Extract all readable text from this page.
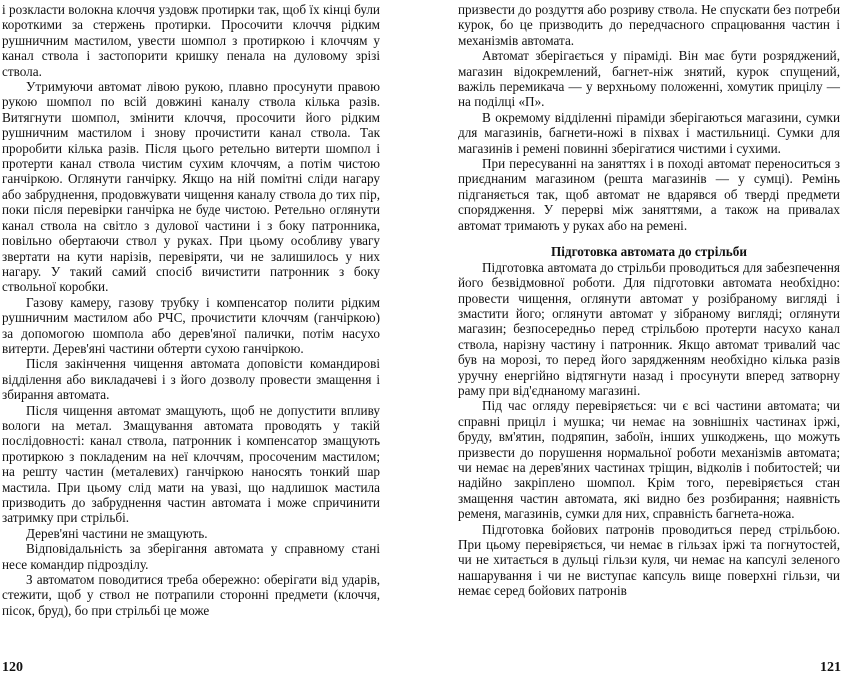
і розкласти волокна клоччя уздовж протирки так, щоб їх кінці були короткими за стержень протирки. Просочити клоччя рідким рушничним мастилом, увести шомпол з протиркою і клоччям у канал ствола і застопорити кришку пенала на дуловому зрізі ствола.

Утримуючи автомат лівою рукою, плавно просунути правою рукою шомпол по всій довжині каналу ствола кілька разів. Витягнути шомпол, змінити клоччя, просочити його рідким рушничним мастилом і знову прочистити канал ствола. Так проробити кілька разів. Після цього ретельно витерти шомпол і протерти канал ствола чистим сухим клоччям, а потім чистою ганчіркою. Оглянути ганчірку. Якщо на ній помітні сліди нагару або забруднення, продовжувати чищення каналу ствола до тих пір, поки після перевірки ганчірка не буде чистою. Ретельно оглянути канал ствола на світло з дулової частини і з боку патронника, повільно обертаючи ствол у руках. При цьому особливу увагу звертати на кути нарізів, перевіряти, чи не залишилось у них нагару. У такий самий спосіб вичистити патронник з боку ствольної коробки.

Газову камеру, газову трубку і компенсатор полити рідким рушничним мастилом або РЧС, прочистити клоччям (ганчіркою) за допомогою шомпола або дерев'яної палички, потім насухо витерти. Дерев'яні частини обтерти сухою ганчіркою.

Після закінчення чищення автомата доповісти командирові відділення або викладачеві і з його дозволу провести змащення і збирання автомата.

Після чищення автомат змащують, щоб не допустити впливу вологи на метал. Змащування автомата проводять у такій послідовності: канал ствола, патронник і компенсатор змащують протиркою з покладеним на неї клоччям, просоченим мастилом; на решту частин (металевих) ганчіркою наносять тонкий шар мастила. При цьому слід мати на увазі, що надлишок мастила призводить до забруднення частин автомата і може спричинити затримку при стрільбі.

Дерев'яні частини не змащують.

Відповідальність за зберігання автомата у справному стані несе командир підрозділу.

З автоматом поводитися треба обережно: оберігати від ударів, стежити, щоб у ствол не потрапили сторонні предмети (клоччя, пісок, бруд), бо при стрільбі це може

призвести до роздуття або розриву ствола. Не спускати без потреби курок, бо це призводить до передчасного спрацювання частин і механізмів автомата.

Автомат зберігається у піраміді. Він має бути розряджений, магазин відокремлений, багнет-ніж знятий, курок спущений, важіль перемикача — у верхньому положенні, хомутик прицілу — на поділці «П».

В окремому відділенні піраміди зберігаються магазини, сумки для магазинів, багнети-ножі в піхвах і мастильниці. Сумки для магазинів і ремені повинні зберігатися чистими і сухими.

При пересуванні на заняттях і в поході автомат переноситься з приєднаним магазином (решта магазинів — у сумці). Ремінь підганяється так, щоб автомат не вдарявся об тверді предмети спорядження. У перерві між заняттями, а також на привалах автомат тримають у руках або на ремені.

Підготовка автомата до стрільби

Підготовка автомата до стрільби проводиться для забезпечення його безвідмовної роботи. Для підготовки автомата необхідно: провести чищення, оглянути автомат у розібраному вигляді і змастити його; оглянути автомат у зібраному вигляді; оглянути магазин; безпосередньо перед стрільбою протерти насухо канал ствола, нарізну частину і патронник. Якщо автомат тривалий час був на морозі, то перед його зарядженням необхідно кілька разів уручну енергійно відтягнути назад і просунути вперед затворну раму при від'єднаному магазині.

Під час огляду перевіряється: чи є всі частини автомата; чи справні приціл і мушка; чи немає на зовнішніх частинах іржі, бруду, вм'ятин, подряпин, забоїн, інших ушкоджень, що можуть призвести до порушення нормальної роботи механізмів автомата; чи немає на дерев'яних частинах тріщин, відколів і побитостей; чи надійно закріплено шомпол. Крім того, перевіряється стан змащення частин автомата, які видно без розбирання; наявність ременя, магазинів, сумки для них, справність багнета-ножа.

Підготовка бойових патронів проводиться перед стрільбою. При цьому перевіряється, чи немає в гільзах іржі та погнутостей, чи не хитається в дульці гільзи куля, чи немає на капсулі зеленого нашарування і чи не виступає капсуль вище поверхні гільзи, чи немає серед бойових патронів

120	121
